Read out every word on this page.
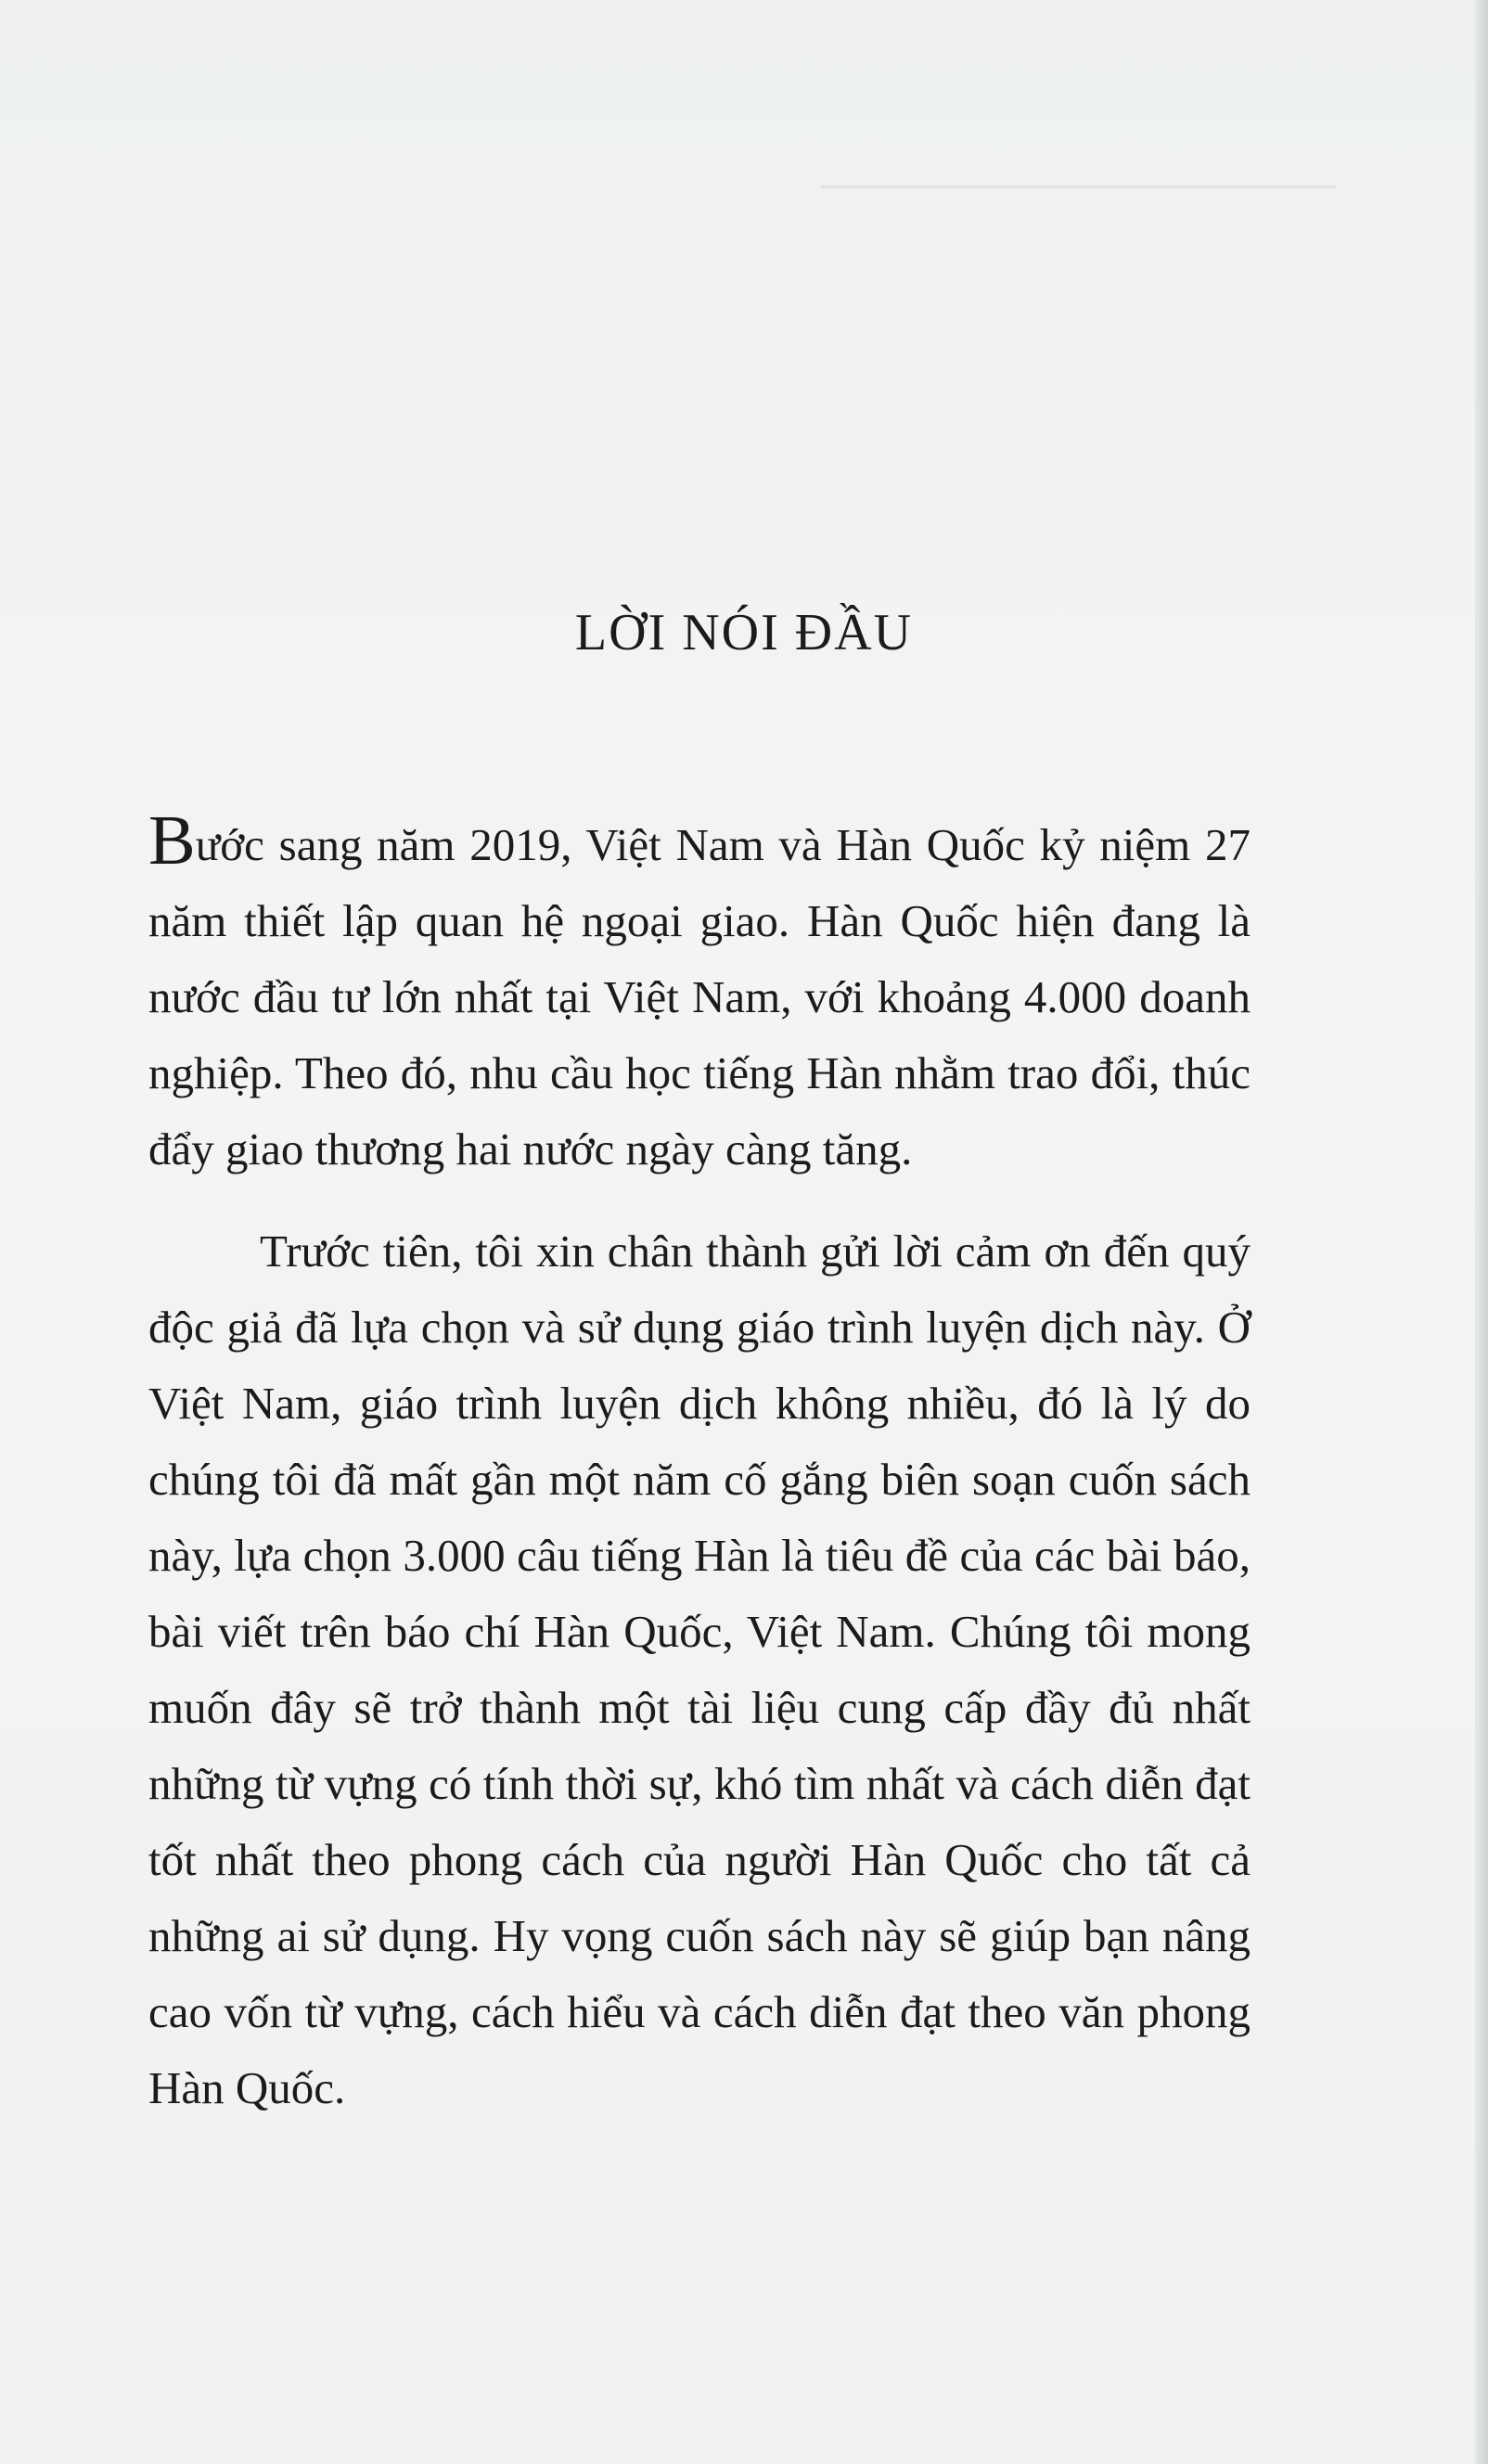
LỜI NÓI ĐẦU

Bước sang năm 2019, Việt Nam và Hàn Quốc kỷ niệm 27 năm thiết lập quan hệ ngoại giao. Hàn Quốc hiện đang là nước đầu tư lớn nhất tại Việt Nam, với khoảng 4.000 doanh nghiệp. Theo đó, nhu cầu học tiếng Hàn nhằm trao đổi, thúc đẩy giao thương hai nước ngày càng tăng.

Trước tiên, tôi xin chân thành gửi lời cảm ơn đến quý độc giả đã lựa chọn và sử dụng giáo trình luyện dịch này. Ở Việt Nam, giáo trình luyện dịch không nhiều, đó là lý do chúng tôi đã mất gần một năm cố gắng biên soạn cuốn sách này, lựa chọn 3.000 câu tiếng Hàn là tiêu đề của các bài báo, bài viết trên báo chí Hàn Quốc, Việt Nam. Chúng tôi mong muốn đây sẽ trở thành một tài liệu cung cấp đầy đủ nhất những từ vựng có tính thời sự, khó tìm nhất và cách diễn đạt tốt nhất theo phong cách của người Hàn Quốc cho tất cả những ai sử dụng. Hy vọng cuốn sách này sẽ giúp bạn nâng cao vốn từ vựng, cách hiểu và cách diễn đạt theo văn phong Hàn Quốc.
